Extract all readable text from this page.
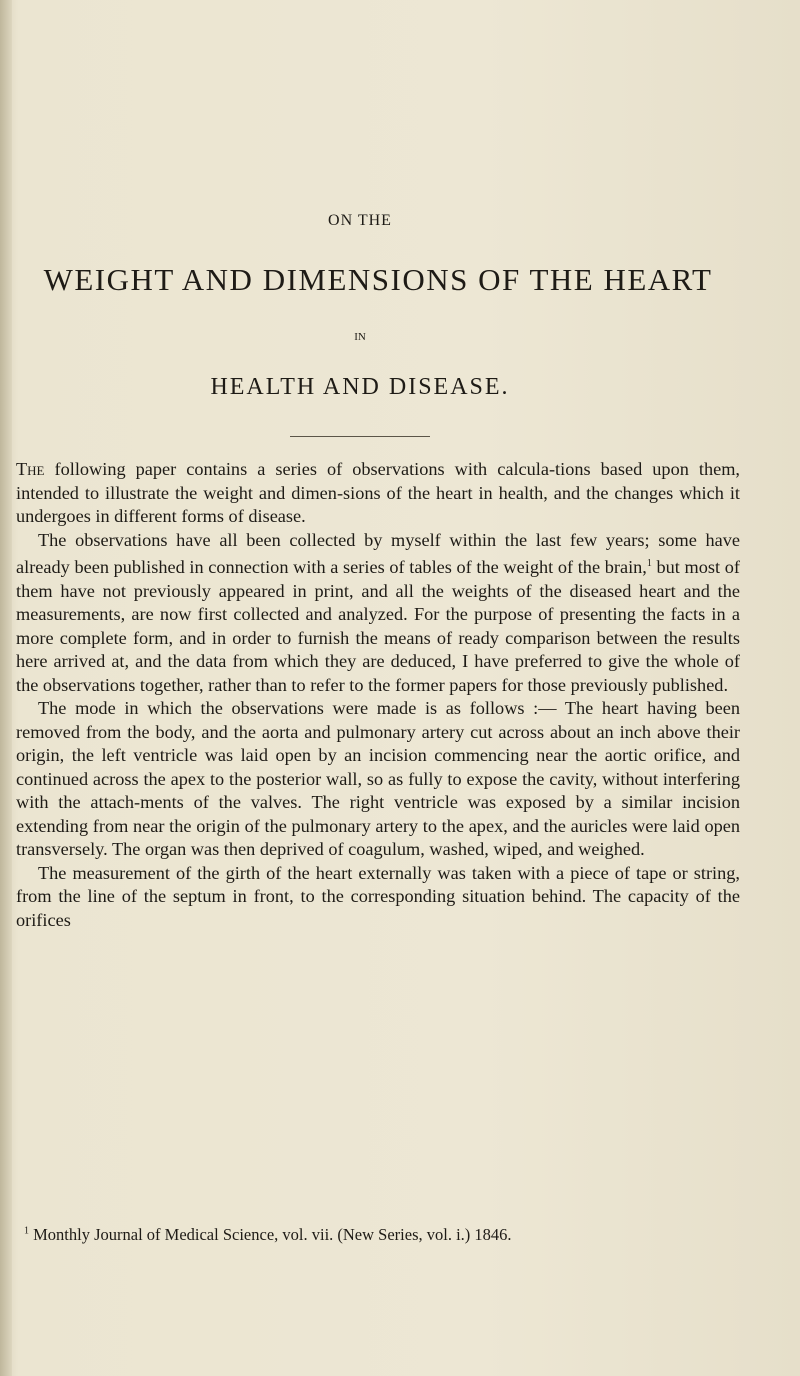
ON THE
WEIGHT AND DIMENSIONS OF THE HEART
IN
HEALTH AND DISEASE.

The following paper contains a series of observations with calcula-tions based upon them, intended to illustrate the weight and dimen-sions of the heart in health, and the changes which it undergoes in different forms of disease.

The observations have all been collected by myself within the last few years; some have already been published in connection with a series of tables of the weight of the brain,$^1$ but most of them have not previously appeared in print, and all the weights of the diseased heart and the measurements, are now first collected and analyzed. For the purpose of presenting the facts in a more complete form, and in order to furnish the means of ready comparison between the results here arrived at, and the data from which they are deduced, I have preferred to give the whole of the observations together, rather than to refer to the former papers for those previously published.

The mode in which the observations were made is as follows :— The heart having been removed from the body, and the aorta and pulmonary artery cut across about an inch above their origin, the left ventricle was laid open by an incision commencing near the aortic orifice, and continued across the apex to the posterior wall, so as fully to expose the cavity, without interfering with the attach-ments of the valves. The right ventricle was exposed by a similar incision extending from near the origin of the pulmonary artery to the apex, and the auricles were laid open transversely. The organ was then deprived of coagulum, washed, wiped, and weighed.

The measurement of the girth of the heart externally was taken with a piece of tape or string, from the line of the septum in front, to the corresponding situation behind. The capacity of the orifices

$^1$ Monthly Journal of Medical Science, vol. vii. (New Series, vol. i.) 1846.
